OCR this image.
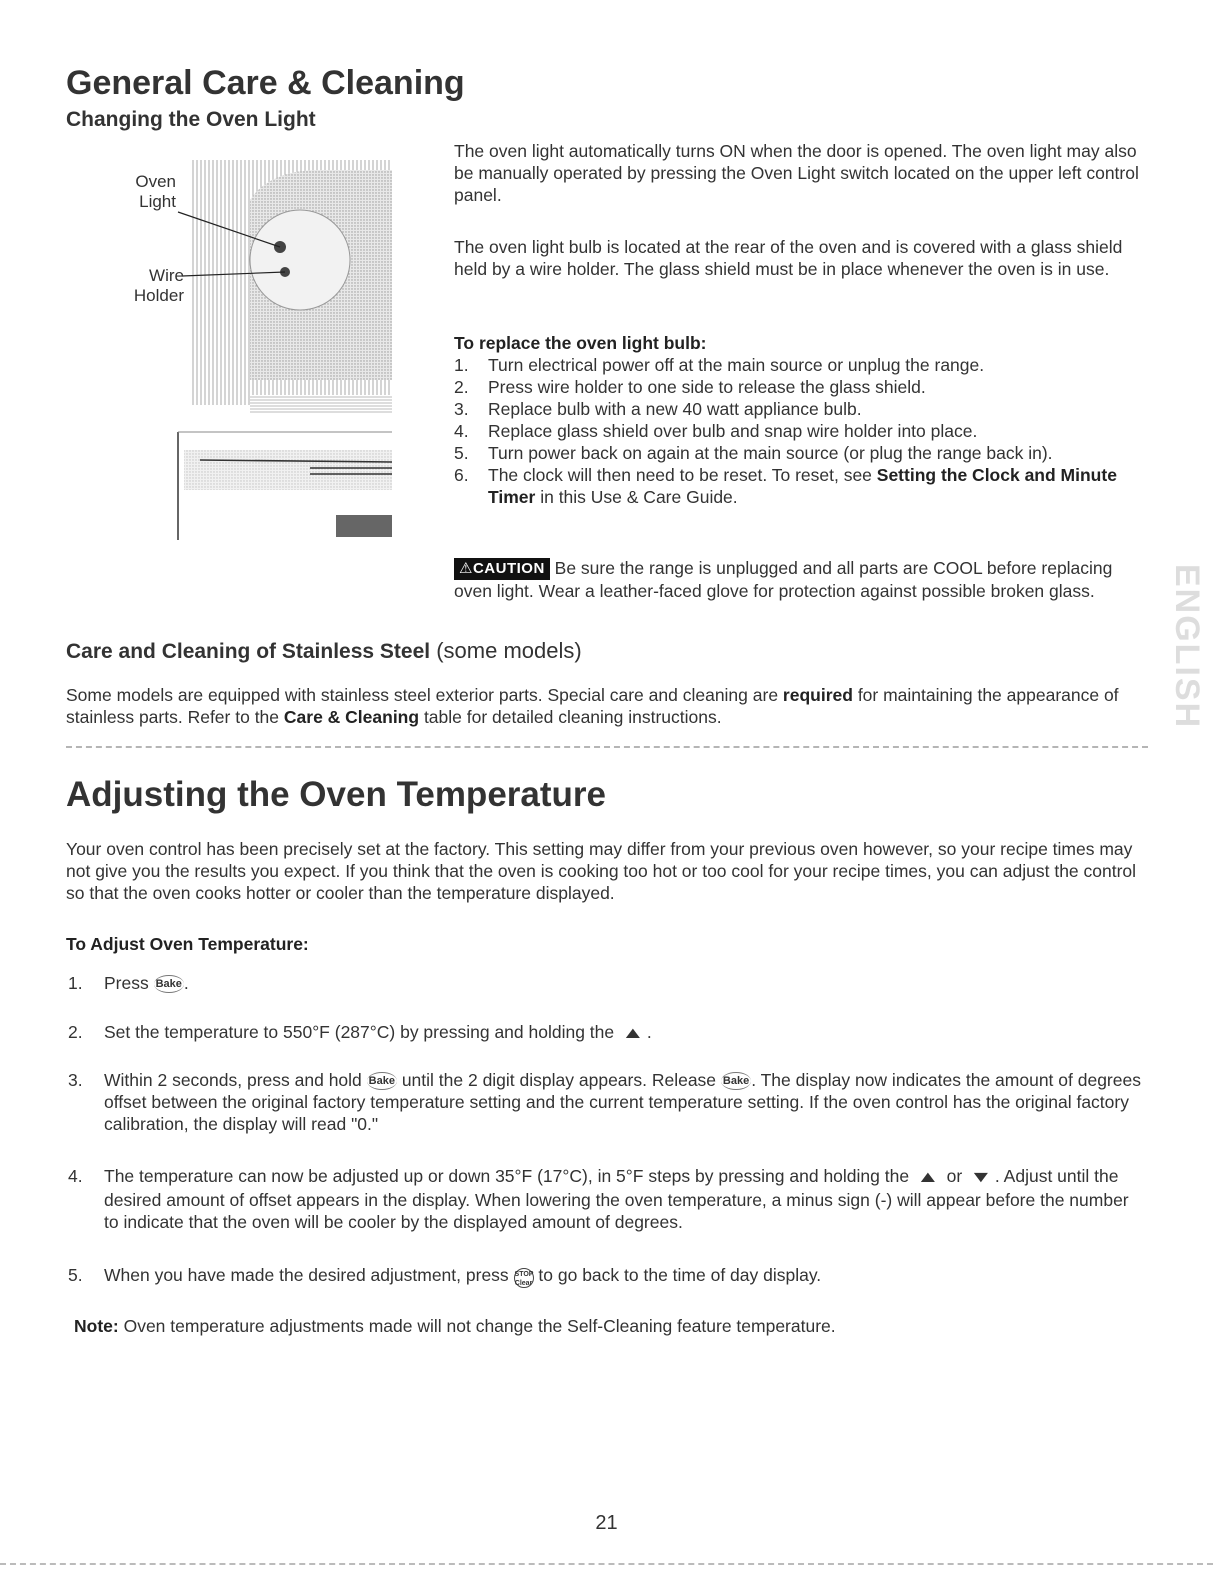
General Care & Cleaning
Changing the Oven Light
Oven
Light
Wire
Holder

The oven light automatically turns ON when the door is opened. The oven light may also be manually operated by pressing the Oven Light switch located on the upper left control panel.

The oven light bulb is located at the rear of the oven and is covered with a glass shield held by a wire holder. The glass shield must be in place whenever the oven is in use.

To replace the oven light bulb:
1. Turn electrical power off at the main source or unplug the range.
2. Press wire holder to one side to release the glass shield.
3. Replace bulb with a new 40 watt appliance bulb.
4. Replace glass shield over bulb and snap wire holder into place.
5. Turn power back on again at the main source (or plug the range back in).
6. The clock will then need to be reset. To reset, see Setting the Clock and Minute Timer in this Use & Care Guide.
⚠CAUTION Be sure the range is unplugged and all parts are COOL before replacing oven light. Wear a leather-faced glove for protection against possible broken glass.
Care and Cleaning of Stainless Steel (some models)
Some models are equipped with stainless steel exterior parts. Special care and cleaning are required for maintaining the appearance of stainless parts. Refer to the Care & Cleaning table for detailed cleaning instructions.	ENGLISH
Adjusting the Oven Temperature
Your oven control has been precisely set at the factory. This setting may differ from your previous oven however, so your recipe times may not give you the results you expect. If you think that the oven is cooking too hot or too cool for your recipe times, you can adjust the control so that the oven cooks hotter or cooler than the temperature displayed.
To Adjust Oven Temperature:
1. Press Bake .
2. Set the temperature to 550°F (287°C) by pressing and holding the ▲ .
3. Within 2 seconds, press and hold Bake until the 2 digit display appears. Release Bake . The display now indicates the amount of degrees offset between the original factory temperature setting and the current temperature setting. If the oven control has the original factory calibration, the display will read "0."
4. The temperature can now be adjusted up or down 35°F (17°C), in 5°F steps by pressing and holding the ▲ or ▼ . Adjust until the desired amount of offset appears in the display. When lowering the oven temperature, a minus sign (-) will appear before the number to indicate that the oven will be cooler by the displayed amount of degrees.
5. When you have made the desired adjustment, press STOP
Clear to go back to the time of day display.
Note: Oven temperature adjustments made will not change the Self-Cleaning feature temperature.
21
